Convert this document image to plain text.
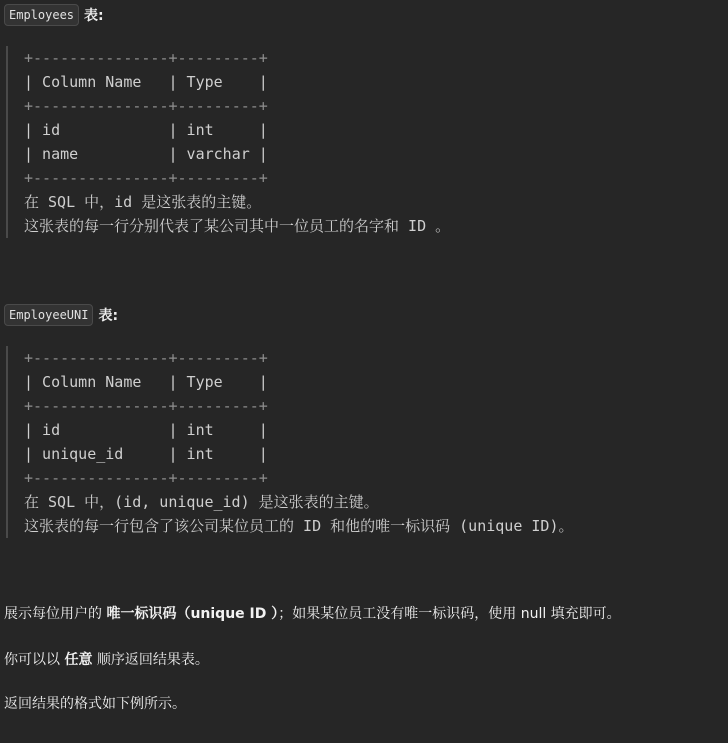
Employees 表:
+---------------+---------+
| Column Name   | Type    |
+---------------+---------+
| id            | int     |
| name          | varchar |
+---------------+---------+
在 SQL 中，id 是这张表的主键。
这张表的每一行分别代表了某公司其中一位员工的名字和 ID 。
EmployeeUNI 表:
+---------------+---------+
| Column Name   | Type    |
+---------------+---------+
| id            | int     |
| unique_id     | int     |
+---------------+---------+
在 SQL 中，(id, unique_id) 是这张表的主键。
这张表的每一行包含了该公司某位员工的 ID 和他的唯一标识码 (unique ID)。
展示每位用户的 唯一标识码（unique ID ）；如果某位员工没有唯一标识码，使用 null 填充即可。
你可以以 任意 顺序返回结果表。
返回结果的格式如下例所示。
